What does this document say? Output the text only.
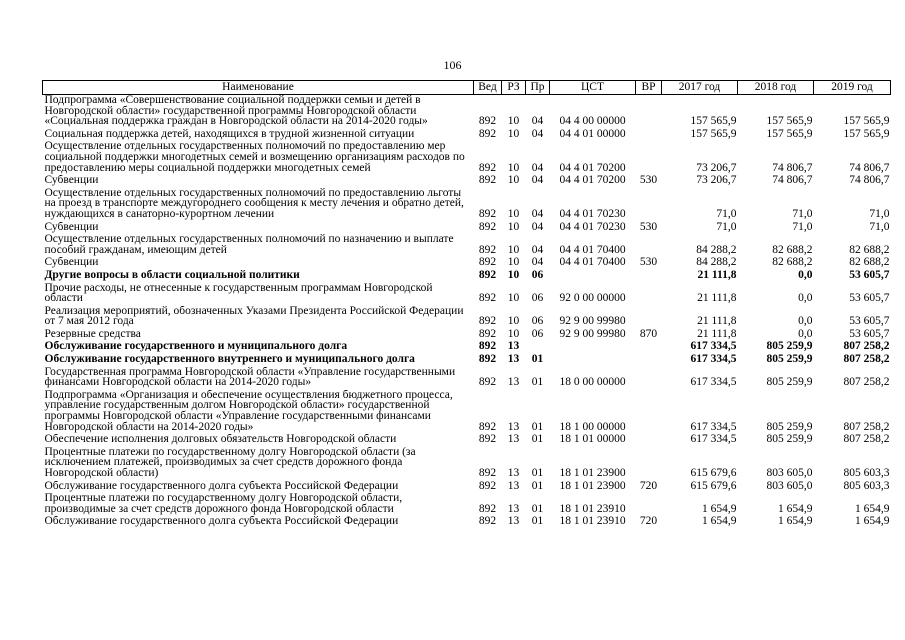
106
Наименование	Вед	РЗ	Пр	ЦСТ	ВР	2017 год	2018 год	2019 год
Подпрограмма «Совершенствование социальной поддержки семьи и детей в Новгородской области» государственной программы Новгородской области «Социальная поддержка граждан в Новгородской области на 2014-2020 годы»	892	10	04	04 4 00 00000		157 565,9	157 565,9	157 565,9
Социальная поддержка детей, находящихся в трудной жизненной ситуации	892	10	04	04 4 01 00000		157 565,9	157 565,9	157 565,9
Осуществление отдельных государственных полномочий по предоставлению мер социальной поддержки многодетных семей и возмещению организациям расходов по предоставлению меры социальной поддержки многодетных семей	892	10	04	04 4 01 70200		73 206,7	74 806,7	74 806,7
Субвенции	892	10	04	04 4 01 70200	530	73 206,7	74 806,7	74 806,7
Осуществление отдельных государственных полномочий по предоставлению льготы на проезд в транспорте междугороднего сообщения к месту лечения и обратно детей, нуждающихся в санаторно-курортном лечении	892	10	04	04 4 01 70230		71,0	71,0	71,0
Субвенции	892	10	04	04 4 01 70230	530	71,0	71,0	71,0
Осуществление отдельных государственных полномочий по назначению и выплате пособий гражданам, имеющим детей	892	10	04	04 4 01 70400		84 288,2	82 688,2	82 688,2
Субвенции	892	10	04	04 4 01 70400	530	84 288,2	82 688,2	82 688,2
Другие вопросы в области социальной политики	892	10	06			21 111,8	0,0	53 605,7
Прочие расходы, не отнесенные к государственным программам Новгородской области	892	10	06	92 0 00 00000		21 111,8	0,0	53 605,7
Реализация мероприятий, обозначенных Указами Президента Российской Федерации от 7 мая 2012 года	892	10	06	92 9 00 99980		21 111,8	0,0	53 605,7
Резервные средства	892	10	06	92 9 00 99980	870	21 111,8	0,0	53 605,7
Обслуживание государственного и муниципального долга	892	13				617 334,5	805 259,9	807 258,2
Обслуживание государственного внутреннего и муниципального долга	892	13	01			617 334,5	805 259,9	807 258,2
Государственная программа Новгородской области «Управление государственными финансами Новгородской области на 2014-2020 годы»	892	13	01	18 0 00 00000		617 334,5	805 259,9	807 258,2
Подпрограмма «Организация и обеспечение осуществления бюджетного процесса, управление государственным долгом Новгородской области» государственной программы Новгородской области «Управление государственными финансами Новгородской области на 2014-2020 годы»	892	13	01	18 1 00 00000		617 334,5	805 259,9	807 258,2
Обеспечение исполнения долговых обязательств Новгородской области	892	13	01	18 1 01 00000		617 334,5	805 259,9	807 258,2
Процентные платежи по государственному долгу Новгородской области (за исключением платежей, производимых за счет средств дорожного фонда Новгородской области)	892	13	01	18 1 01 23900		615 679,6	803 605,0	805 603,3
Обслуживание государственного долга субъекта Российской Федерации	892	13	01	18 1 01 23900	720	615 679,6	803 605,0	805 603,3
Процентные платежи по государственному долгу Новгородской области, производимые за счет средств дорожного фонда Новгородской области	892	13	01	18 1 01 23910		1 654,9	1 654,9	1 654,9
Обслуживание государственного долга субъекта Российской Федерации	892	13	01	18 1 01 23910	720	1 654,9	1 654,9	1 654,9
